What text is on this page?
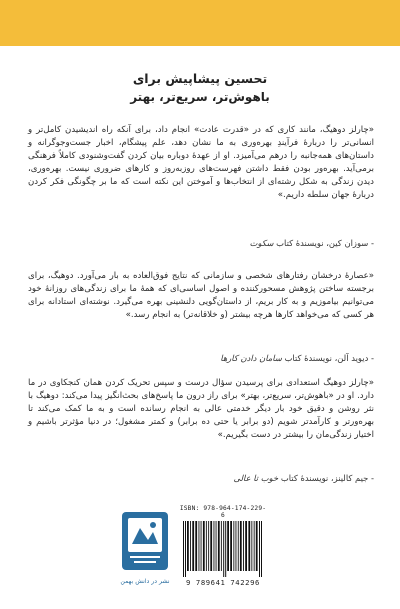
تحسین پیشاپیش برای
باهوش‌تر، سریع‌تر، بهتر
«چارلز دوهیگ، مانند کاری که در «قدرت عادت» انجام داد، برای آنکه راه اندیشیدن کامل‌تر و انسانی‌تر را دربارهٔ فرآیندِ بهره‌وری به ما نشان دهد، علم پیشگام، اخبار جست‌وجوگرانه و داستان‌های همه‌جانبه را درهم می‌آمیزد. او از عهدهٔ دوباره بیان کردن گفت‌وشنودی کاملاً فرهنگی برمی‌آید. بهره‌ور بودن فقط داشتن فهرست‌های روزبه‌روز و کارهای ضروری نیست. بهره‌وری، دیدن زندگی به شکل رشته‌ای از انتخاب‌ها و آموختن این نکته است که ما بر چگونگی فکر کردن دربارهٔ جهان سلطه داریم.»
- سوزان کین، نویسندهٔ کتاب سکوت
«عصارهٔ درخشان رفتارهای شخصی و سازمانی که نتایج فوق‌العاده به بار می‌آورد. دوهیگ، برای برجسته ساختن پژوهش مسحورکننده و اصول اساسی‌ای که همهٔ ما برای زندگی‌های روزانهٔ خود می‌توانیم بیاموزیم و به کار بریم، از داستان‌گویی دلنشینی بهره می‌گیرد. نوشته‌ای استادانه برای هر کسی که می‌خواهد کارها هرچه بیشتر (و خلاقانه‌تر) به انجام رسد.»
- دیوید آلن، نویسندهٔ کتاب سامان دادن کارها
«چارلز دوهیگ استعدادی برای پرسیدن سؤال درست و سپس تحریک کردن همان کنجکاوی در ما دارد. او در «باهوش‌تر، سریع‌تر، بهتر» برای راز درون ما پاسخ‌های بحث‌انگیز پیدا می‌کند: دوهیگ با نثر روشن و دقیق خود بار دیگر خدمتی عالی به انجام رسانده است و به ما کمک می‌کند تا بهره‌ورتر و کارآمدتر شویم (دو برابر یا حتی ده برابر) و کمتر مشغول؛ در دنیا مؤثرتر باشیم و اختیار زندگی‌مان را بیشتر در دست بگیریم.»
- جیم کالینز، نویسندهٔ کتاب خوب تا عالی
نشر در دانش بهمن
ISBN: 978-964-174-229-6
9 789641 742296
